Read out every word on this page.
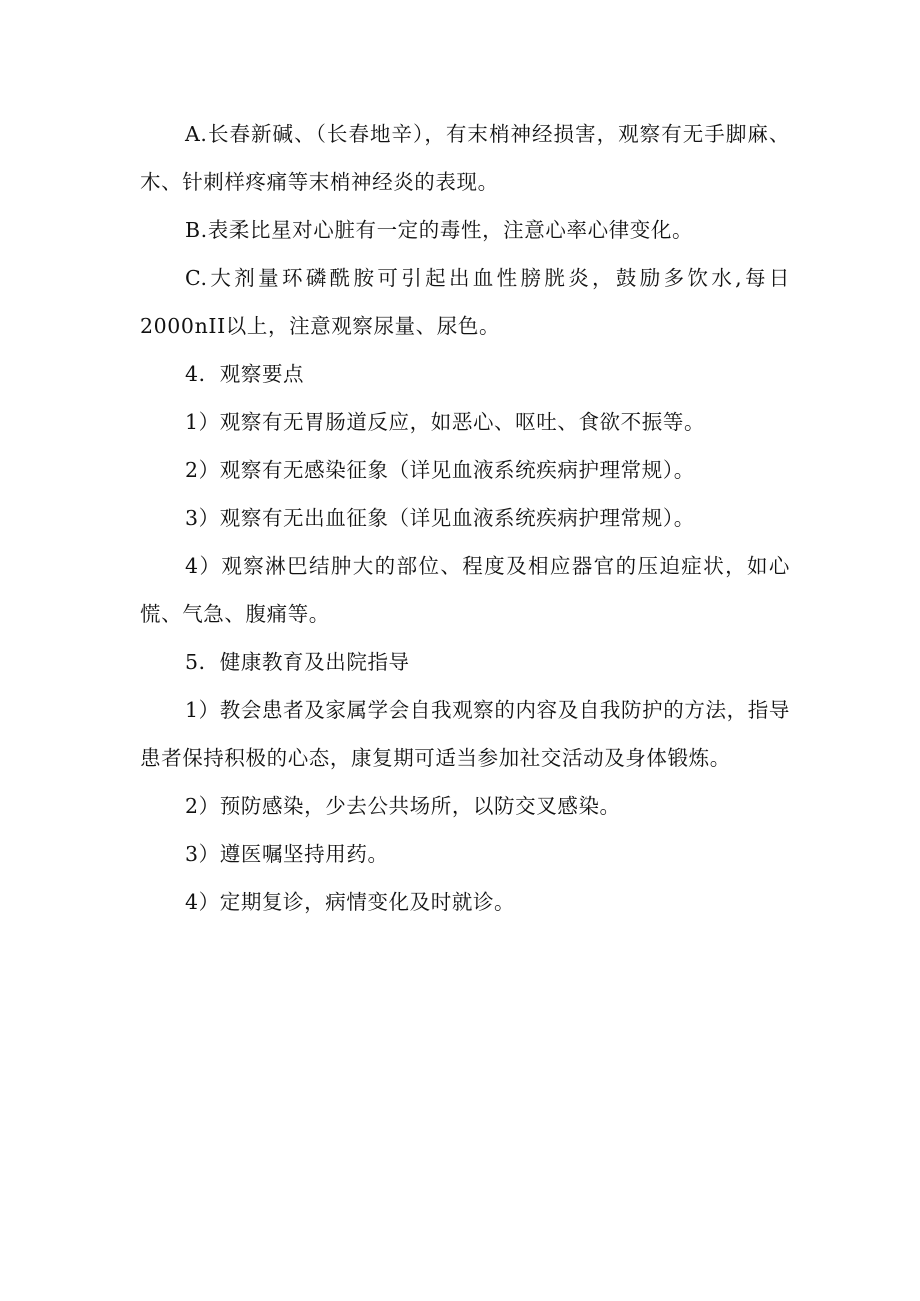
A.长春新碱、（长春地辛），有末梢神经损害，观察有无手脚麻、木、针刺样疼痛等末梢神经炎的表现。

B.表柔比星对心脏有一定的毒性，注意心率心律变化。

C.大剂量环磷酰胺可引起出血性膀胱炎，鼓励多饮水,每日2000nII以上，注意观察尿量、尿色。

4．观察要点

1）观察有无胃肠道反应，如恶心、呕吐、食欲不振等。

2）观察有无感染征象（详见血液系统疾病护理常规）。

3）观察有无出血征象（详见血液系统疾病护理常规）。

4）观察淋巴结肿大的部位、程度及相应器官的压迫症状，如心慌、气急、腹痛等。

5．健康教育及出院指导

1）教会患者及家属学会自我观察的内容及自我防护的方法，指导患者保持积极的心态，康复期可适当参加社交活动及身体锻炼。

2）预防感染，少去公共场所，以防交叉感染。

3）遵医嘱坚持用药。

4）定期复诊，病情变化及时就诊。
